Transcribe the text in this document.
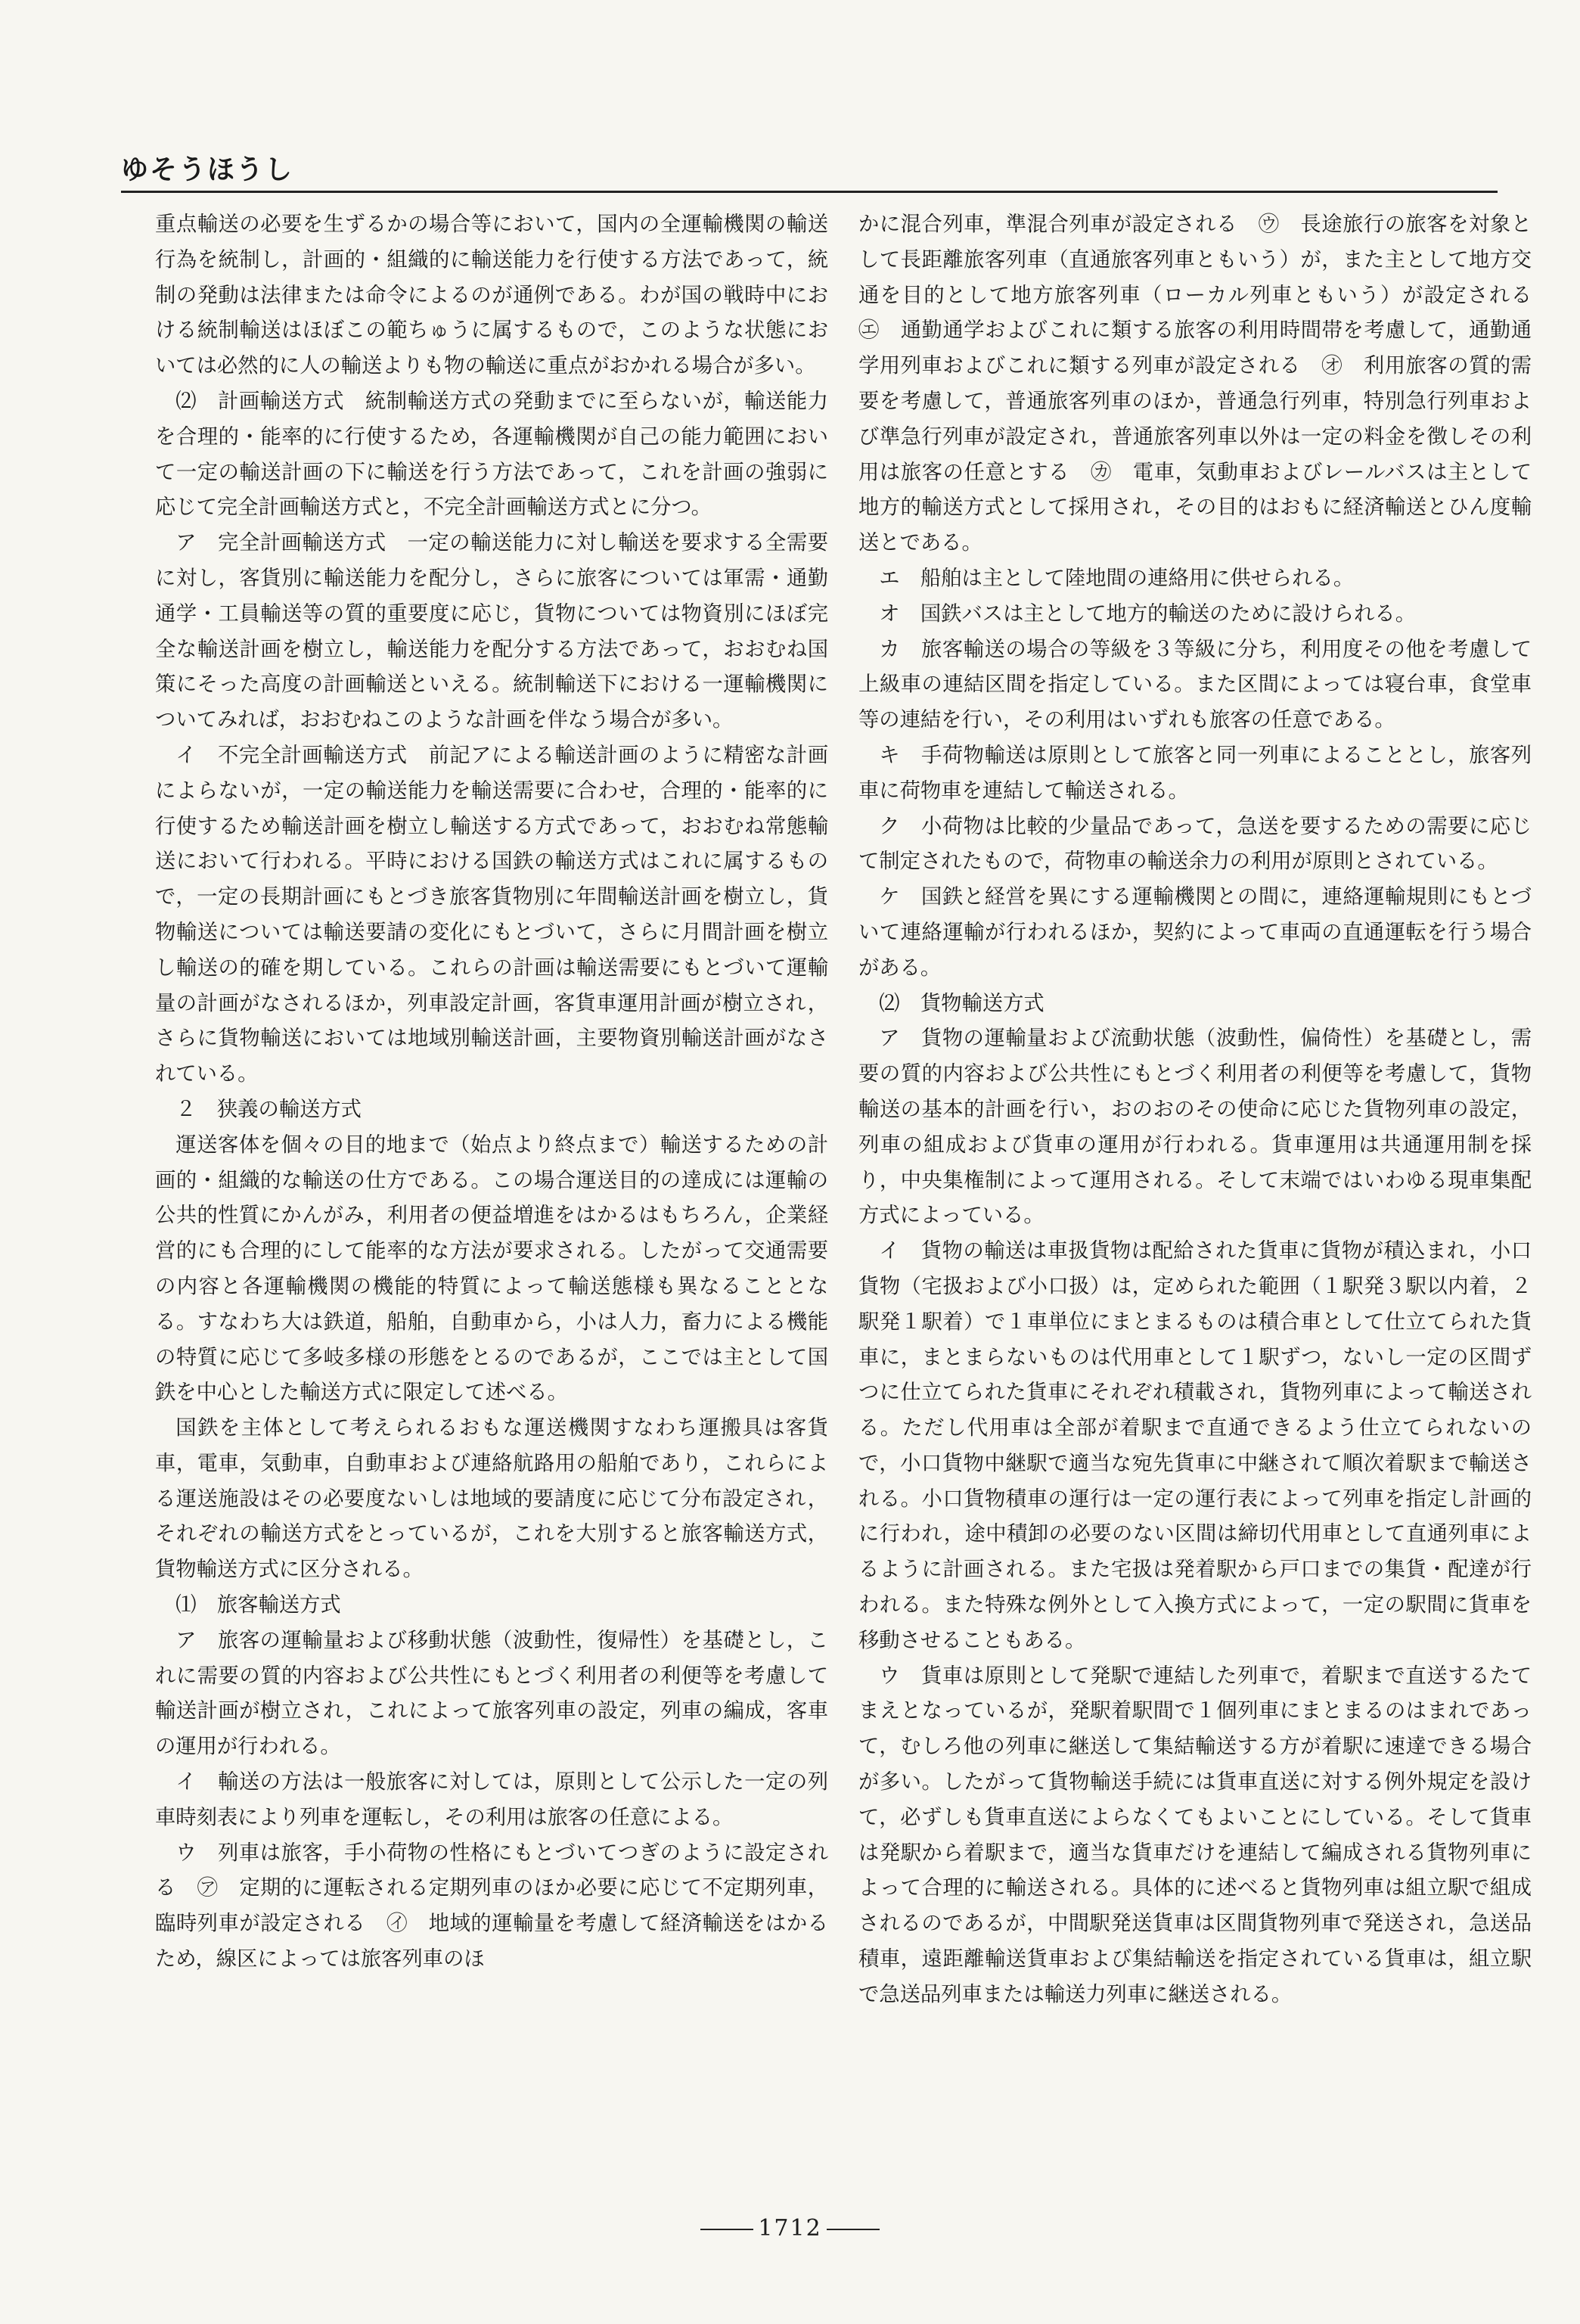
ゆそうほうし

重点輸送の必要を生ずるかの場合等において，国内の全運輸機関の輸送行為を統制し，計画的・組織的に輸送能力を行使する方法であって，統制の発動は法律または命令によるのが通例である。わが国の戦時中における統制輸送はほぼこの範ちゅうに属するもので，このような状態においては必然的に人の輸送よりも物の輸送に重点がおかれる場合が多い。

⑵　計画輸送方式　統制輸送方式の発動までに至らないが，輸送能力を合理的・能率的に行使するため，各運輸機関が自己の能力範囲において一定の輸送計画の下に輸送を行う方法であって，これを計画の強弱に応じて完全計画輸送方式と，不完全計画輸送方式とに分つ。

ア　完全計画輸送方式　一定の輸送能力に対し輸送を要求する全需要に対し，客貨別に輸送能力を配分し，さらに旅客については軍需・通勤通学・工員輸送等の質的重要度に応じ，貨物については物資別にほぼ完全な輸送計画を樹立し，輸送能力を配分する方法であって，おおむね国策にそった高度の計画輸送といえる。統制輸送下における一運輸機関についてみれば，おおむねこのような計画を伴なう場合が多い。

イ　不完全計画輸送方式　前記アによる輸送計画のように精密な計画によらないが，一定の輸送能力を輸送需要に合わせ，合理的・能率的に行使するため輸送計画を樹立し輸送する方式であって，おおむね常態輸送において行われる。平時における国鉄の輸送方式はこれに属するもので，一定の長期計画にもとづき旅客貨物別に年間輸送計画を樹立し，貨物輸送については輸送要請の変化にもとづいて，さらに月間計画を樹立し輸送の的確を期している。これらの計画は輸送需要にもとづいて運輸量の計画がなされるほか，列車設定計画，客貨車運用計画が樹立され，さらに貨物輸送においては地域別輸送計画，主要物資別輸送計画がなされている。

２　狭義の輸送方式

運送客体を個々の目的地まで（始点より終点まで）輸送するための計画的・組織的な輸送の仕方である。この場合運送目的の達成には運輸の公共的性質にかんがみ，利用者の便益増進をはかるはもちろん，企業経営的にも合理的にして能率的な方法が要求される。したがって交通需要の内容と各運輸機関の機能的特質によって輸送態様も異なることとなる。すなわち大は鉄道，船舶，自動車から，小は人力，畜力による機能の特質に応じて多岐多様の形態をとるのであるが，ここでは主として国鉄を中心とした輸送方式に限定して述べる。

国鉄を主体として考えられるおもな運送機関すなわち運搬具は客貨車，電車，気動車，自動車および連絡航路用の船舶であり，これらによる運送施設はその必要度ないしは地域的要請度に応じて分布設定され，それぞれの輸送方式をとっているが，これを大別すると旅客輸送方式，貨物輸送方式に区分される。

⑴　旅客輸送方式

ア　旅客の運輸量および移動状態（波動性，復帰性）を基礎とし，これに需要の質的内容および公共性にもとづく利用者の利便等を考慮して輸送計画が樹立され，これによって旅客列車の設定，列車の編成，客車の運用が行われる。

イ　輸送の方法は一般旅客に対しては，原則として公示した一定の列車時刻表により列車を運転し，その利用は旅客の任意による。

ウ　列車は旅客，手小荷物の性格にもとづいてつぎのように設定される　㋐　定期的に運転される定期列車のほか必要に応じて不定期列車，臨時列車が設定される　㋑　地域的運輸量を考慮して経済輸送をはかるため，線区によっては旅客列車のほ

かに混合列車，準混合列車が設定される　㋒　長途旅行の旅客を対象として長距離旅客列車（直通旅客列車ともいう）が，また主として地方交通を目的として地方旅客列車（ローカル列車ともいう）が設定される　㋓　通勤通学およびこれに類する旅客の利用時間帯を考慮して，通勤通学用列車およびこれに類する列車が設定される　㋔　利用旅客の質的需要を考慮して，普通旅客列車のほか，普通急行列車，特別急行列車および準急行列車が設定され，普通旅客列車以外は一定の料金を徴しその利用は旅客の任意とする　㋕　電車，気動車およびレールバスは主として地方的輸送方式として採用され，その目的はおもに経済輸送とひん度輸送とである。

エ　船舶は主として陸地間の連絡用に供せられる。

オ　国鉄バスは主として地方的輸送のために設けられる。

カ　旅客輸送の場合の等級を３等級に分ち，利用度その他を考慮して上級車の連結区間を指定している。また区間によっては寝台車，食堂車等の連結を行い，その利用はいずれも旅客の任意である。

キ　手荷物輸送は原則として旅客と同一列車によることとし，旅客列車に荷物車を連結して輸送される。

ク　小荷物は比較的少量品であって，急送を要するための需要に応じて制定されたもので，荷物車の輸送余力の利用が原則とされている。

ケ　国鉄と経営を異にする運輸機関との間に，連絡運輸規則にもとづいて連絡運輸が行われるほか，契約によって車両の直通運転を行う場合がある。

⑵　貨物輸送方式

ア　貨物の運輸量および流動状態（波動性，偏倚性）を基礎とし，需要の質的内容および公共性にもとづく利用者の利便等を考慮して，貨物輸送の基本的計画を行い，おのおのその使命に応じた貨物列車の設定，列車の組成および貨車の運用が行われる。貨車運用は共通運用制を採り，中央集権制によって運用される。そして末端ではいわゆる現車集配方式によっている。

イ　貨物の輸送は車扱貨物は配給された貨車に貨物が積込まれ，小口貨物（宅扱および小口扱）は，定められた範囲（１駅発３駅以内着，２駅発１駅着）で１車単位にまとまるものは積合車として仕立てられた貨車に，まとまらないものは代用車として１駅ずつ，ないし一定の区間ずつに仕立てられた貨車にそれぞれ積載され，貨物列車によって輸送される。ただし代用車は全部が着駅まで直通できるよう仕立てられないので，小口貨物中継駅で適当な宛先貨車に中継されて順次着駅まで輸送される。小口貨物積車の運行は一定の運行表によって列車を指定し計画的に行われ，途中積卸の必要のない区間は締切代用車として直通列車によるように計画される。また宅扱は発着駅から戸口までの集貨・配達が行われる。また特殊な例外として入換方式によって，一定の駅間に貨車を移動させることもある。

ウ　貨車は原則として発駅で連結した列車で，着駅まで直送するたてまえとなっているが，発駅着駅間で１個列車にまとまるのはまれであって，むしろ他の列車に継送して集結輸送する方が着駅に速達できる場合が多い。したがって貨物輸送手続には貨車直送に対する例外規定を設けて，必ずしも貨車直送によらなくてもよいことにしている。そして貨車は発駅から着駅まで，適当な貨車だけを連結して編成される貨物列車によって合理的に輸送される。具体的に述べると貨物列車は組立駅で組成されるのであるが，中間駅発送貨車は区間貨物列車で発送され，急送品積車，遠距離輸送貨車および集結輸送を指定されている貨車は，組立駅で急送品列車または輸送力列車に継送される。

1712
